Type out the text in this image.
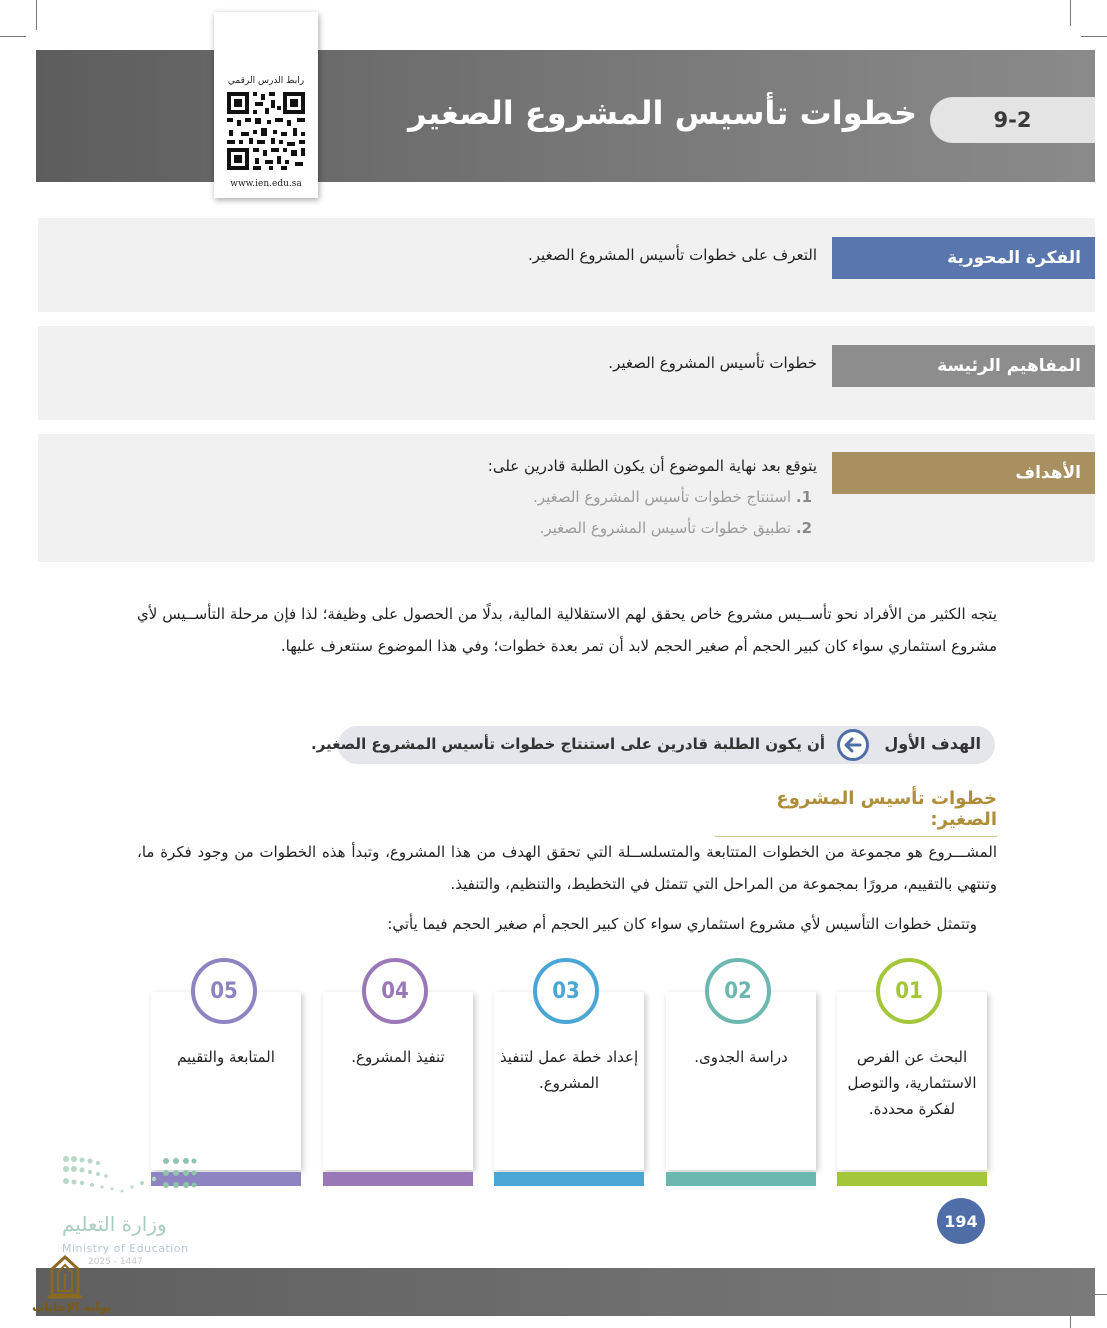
9-2
خطوات تأسيس المشروع الصغير
رابط الدرس الرقمي
www.ien.edu.sa
الفكرة المحورية
التعرف على خطوات تأسيس المشروع الصغير.
المفاهيم الرئيسة
خطوات تأسيس المشروع الصغير.
الأهداف
يتوقع بعد نهاية الموضوع أن يكون الطلبة قادرين على:
1. استنتاج خطوات تأسيس المشروع الصغير.
2. تطبيق خطوات تأسيس المشروع الصغير.
يتجه الكثير من الأفراد نحو تأســيس مشروع خاص يحقق لهم الاستقلالية المالية، بدلًا من الحصول على وظيفة؛ لذا فإن مرحلة التأســيس لأي مشروع استثماري سواء كان كبير الحجم أم صغير الحجم لابد أن تمر بعدة خطوات؛ وفي هذا الموضوع سنتعرف عليها.
الهدف الأول
أن يكون الطلبة قادرين على استنتاج خطوات تأسيس المشروع الصغير.
خطوات تأسيس المشروع الصغير:
المشـــروع هو مجموعة من الخطوات المتتابعة والمتسلســلة التي تحقق الهدف من هذا المشروع، وتبدأ هذه الخطوات من وجود فكرة ما، وتنتهي بالتقييم، مرورًا بمجموعة من المراحل التي تتمثل في التخطيط، والتنظيم، والتنفيذ.
وتتمثل خطوات التأسيس لأي مشروع استثماري سواء كان كبير الحجم أم صغير الحجم فيما يأتي:
01
02
03
04
05
البحث عن الفرص الاستثمارية، والتوصل لفكرة محددة.
دراسة الجدوى.
إعداد خطة عمل لتنفيذ المشروع.
تنفيذ المشروع.
المتابعة والتقييم
وزارة التعليم
Ministry of Education
2025 - 1447
194
بوابة الإجابات
